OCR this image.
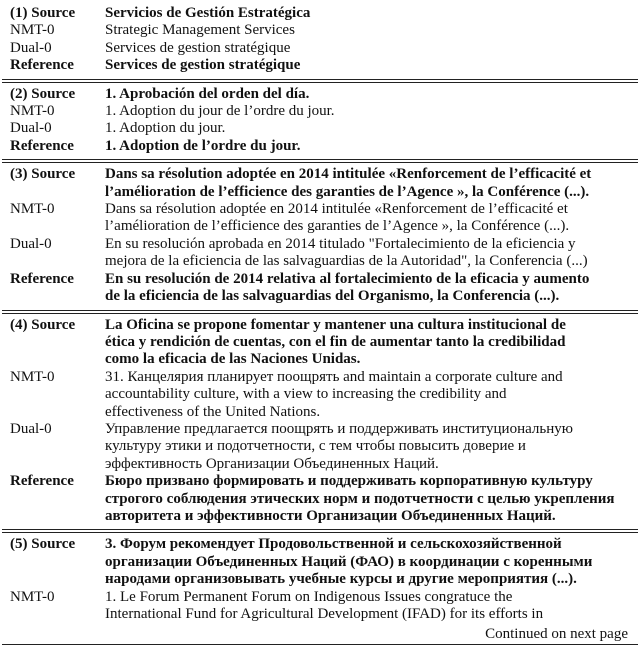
(1) Source	Servicios de Gestión Estratégica
NMT-0	Strategic Management Services
Dual-0	Services de gestion stratégique
Reference	Services de gestion stratégique
(2) Source	1. Aprobación del orden del día.
NMT-0	1. Adoption du jour de l’ordre du jour.
Dual-0	1. Adoption du jour.
Reference	1. Adoption de l’ordre du jour.
(3) Source	Dans sa résolution adoptée en 2014 intitulée «Renforcement de l’efficacité et
l’amélioration de l’efficience des garanties de l’Agence », la Conférence (...).
NMT-0	Dans sa résolution adoptée en 2014 intitulée «Renforcement de l’efficacité et
l’amélioration de l’efficience des garanties de l’Agence », la Conférence (...).
Dual-0	En su resolución aprobada en 2014 titulado "Fortalecimiento de la eficiencia y
mejora de la eficiencia de las salvaguardias de la Autoridad", la Conferencia (...)
Reference	En su resolución de 2014 relativa al fortalecimiento de la eficacia y aumento
de la eficiencia de las salvaguardias del Organismo, la Conferencia (...).
(4) Source	La Oficina se propone fomentar y mantener una cultura institucional de
ética y rendición de cuentas, con el fin de aumentar tanto la credibilidad
como la eficacia de las Naciones Unidas.
NMT-0	31. Канцелярия планирует поощрять and maintain a corporate culture and
accountability culture, with a view to increasing the credibility and
effectiveness of the United Nations.
Dual-0	Управление предлагается поощрять и поддерживать институциональную
культуру этики и подотчетности, с тем чтобы повысить доверие и
эффективность Организации Объединенных Наций.
Reference	Бюро призвано формировать и поддерживать корпоративную культуру
строгого соблюдения этических норм и подотчетности с целью укрепления
авторитета и эффективности Организации Объединенных Наций.
(5) Source	3. Форум рекомендует Продовольственной и сельскохозяйственной
организации Объединенных Наций (ФАО) в координации с коренными
народами организовывать учебные курсы и другие мероприятия (...).
NMT-0	1. Le Forum Permanent Forum on Indigenous Issues congratuce the
International Fund for Agricultural Development (IFAD) for its efforts in
Continued on next page
